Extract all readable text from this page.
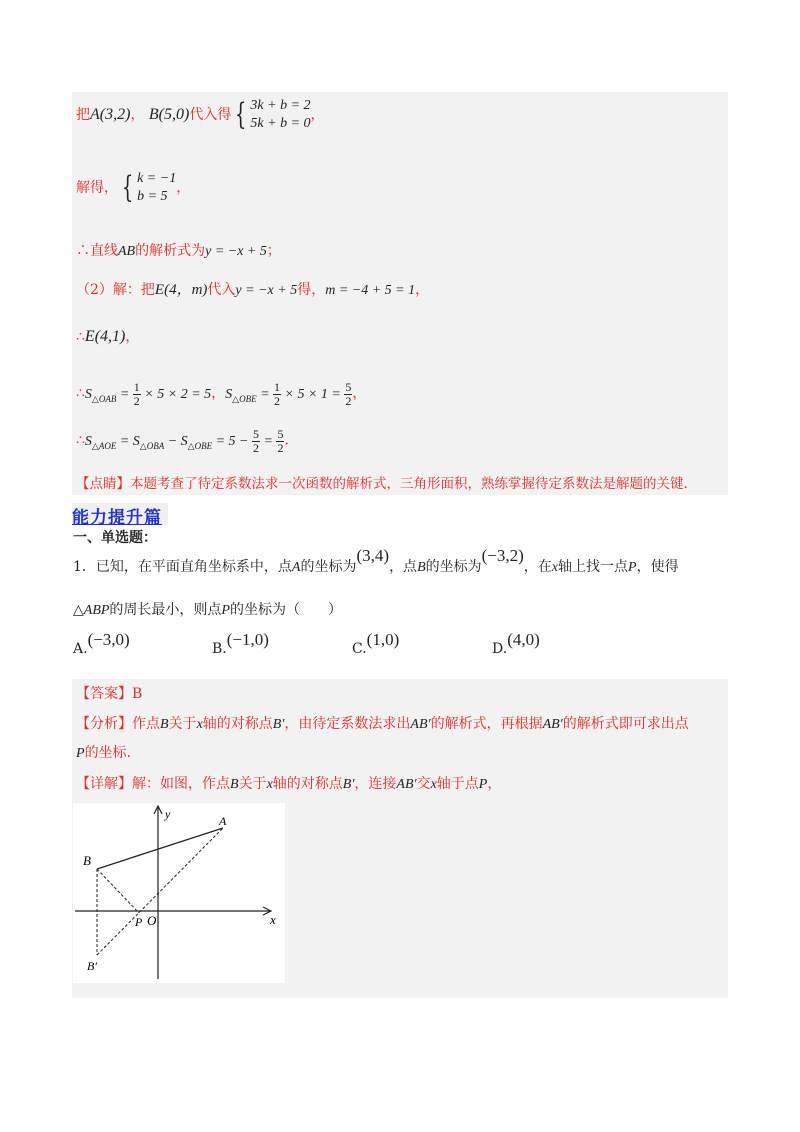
把A(3,2)， B(5,0)代入得 { 3k + b = 2
5k + b = 0，
解得， { k = −1
b = 5，
∴直线AB的解析式为y = −x + 5；
（2）解：把E(4，m)代入y = −x + 5得，m = −4 + 5 = 1，
∴E(4,1)，
$\therefore S_{\triangle OAB} = \frac{1}{2} \times 5 \times 2 = 5$，$S_{\triangle OBE} = \frac{1}{2} \times 5 \times 1 = \frac{5}{2}$ ，
$\therefore S_{\triangle AOE} = S_{\triangle OBA} - S_{\triangle OBE} = 5 - \frac{5}{2} = \frac{5}{2}$ ．
【点睛】本题考查了待定系数法求一次函数的解析式，三角形面积，熟练掌握待定系数法是解题的关键.
能力提升篇
一、单选题：
1．已知，在平面直角坐标系中，点A的坐标为(3,4)，点B的坐标为(−3,2)，在x轴上找一点P，使得
△ABP的周长最小，则点P的坐标为（　　）
A.(−3,0)	B.(−1,0)	C.(1,0)	D.(4,0)
【答案】B
【分析】作点B关于x轴的对称点B′，由待定系数法求出AB′的解析式，再根据AB′的解析式即可求出点
P的坐标.
【详解】解：如图，作点B关于x轴的对称点B′，连接AB′交x轴于点P，
y
x
A
B
P O
B′
